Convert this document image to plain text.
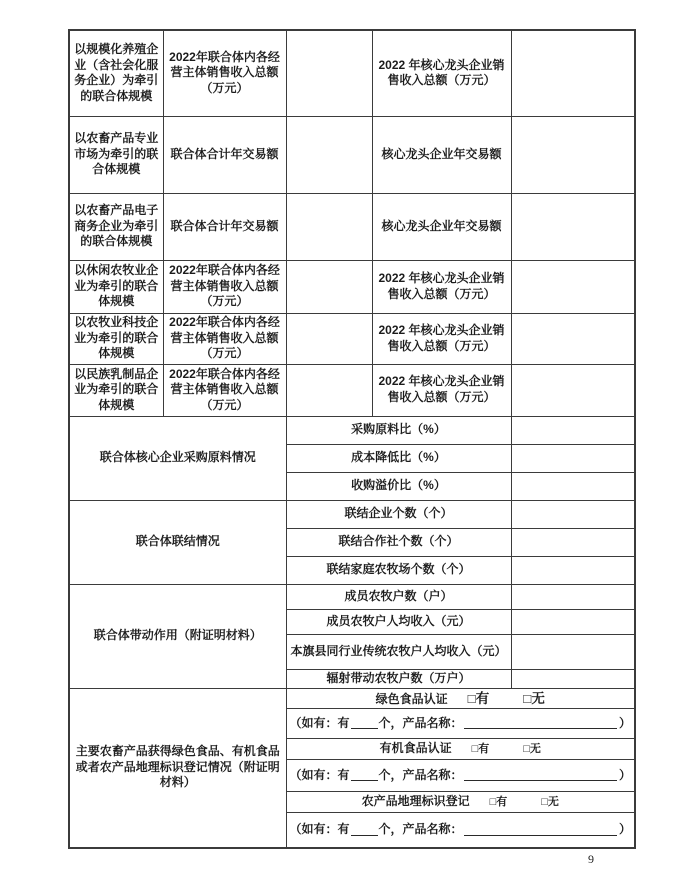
以规模化养殖企业（含社会化服务企业）为牵引的联合体规模	2022年联合体内各经营主体销售收入总额（万元）		2022 年核心龙头企业销售收入总额（万元）	
以农畜产品专业市场为牵引的联合体规模	联合体合计年交易额		核心龙头企业年交易额	
以农畜产品电子商务企业为牵引的联合体规模	联合体合计年交易额		核心龙头企业年交易额	
以休闲农牧业企业为牵引的联合体规模	2022年联合体内各经营主体销售收入总额（万元）		2022 年核心龙头企业销售收入总额（万元）	
以农牧业科技企业为牵引的联合体规模	2022年联合体内各经营主体销售收入总额（万元）		2022 年核心龙头企业销售收入总额（万元）	
以民族乳制品企业为牵引的联合体规模	2022年联合体内各经营主体销售收入总额（万元）		2022 年核心龙头企业销售收入总额（万元）	
联合体核心企业采购原料情况		采购原料比（%）		
		成本降低比（%）		
		收购溢价比（%）		
联合体联结情况		联结企业个数（个）		
		联结合作社个数（个）		
		联结家庭农牧场个数（个）		
联合体带动作用（附证明材料）		成员农牧户数（户）		
		成员农牧户人均收入（元）		
		本旗县同行业传统农牧户人均收入（元）		
		辐射带动农牧户数（万户）		
主要农畜产品获得绿色食品、有机食品或者农产品地理标识登记情况（附证明材料）		绿色食品认证 □有 □无		

		（如有：有 个，产品名称： ）		

		有机食品认证 □有 □无		

		（如有：有 个，产品名称： ）		

		农产品地理标识登记 □有 □无		

		（如有：有 个，产品名称： ）		
9
